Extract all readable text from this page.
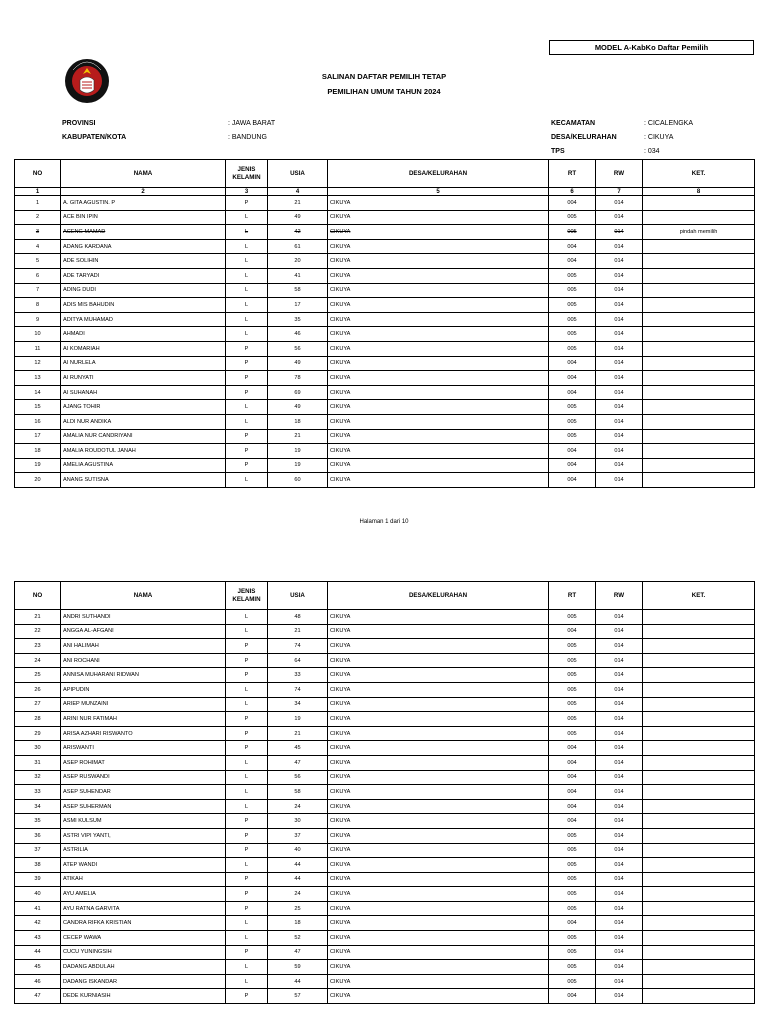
MODEL A-KabKo Daftar Pemilih
SALINAN DAFTAR PEMILIH TETAP
PEMILIHAN UMUM TAHUN 2024
PROVINSI	: JAWA BARAT
KABUPATEN/KOTA	: BANDUNG
KECAMATAN	: CICALENGKA
DESA/KELURAHAN	: CIKUYA
TPS	: 034
NO	NAMA	JENIS KELAMIN	USIA	DESA/KELURAHAN	RT	RW	KET.
1	2	3	4	5	6	7	8
1	A. GITA AGUSTIN. P	P	21	CIKUYA	004	014	
2	ACE BIN IPIN	L	49	CIKUYA	005	014	
3	ACENG MAMAD	L	42	CIKUYA	005	014	pindah memilih
4	ADANG KARDANA	L	61	CIKUYA	004	014	
5	ADE SOLIHIN	L	20	CIKUYA	004	014	
6	ADE TARYADI	L	41	CIKUYA	005	014	
7	ADING DUDI	L	58	CIKUYA	005	014	
8	ADIS MIS BAHUDIN	L	17	CIKUYA	005	014	
9	ADITYA MUHAMAD	L	35	CIKUYA	005	014	
10	AHMADI	L	46	CIKUYA	005	014	
11	AI KOMARIAH	P	56	CIKUYA	005	014	
12	AI NURLELA	P	49	CIKUYA	004	014	
13	AI RUNYATI	P	78	CIKUYA	004	014	
14	AI SUHANAH	P	69	CIKUYA	004	014	
15	AJANG TOHIR	L	49	CIKUYA	005	014	
16	ALDI NUR ANDIKA	L	18	CIKUYA	005	014	
17	AMALIA NUR CANDRIYANI	P	21	CIKUYA	005	014	
18	AMALIA ROUDOTUL JANAH	P	19	CIKUYA	004	014	
19	AMELIA AGUSTINA	P	19	CIKUYA	004	014	
20	ANANG SUTISNA	L	60	CIKUYA	004	014	
Halaman 1 dari 10
NO	NAMA	JENIS KELAMIN	USIA	DESA/KELURAHAN	RT	RW	KET.
21	ANDRI SUTHANDI	L	48	CIKUYA	005	014	
22	ANGGA AL-AFGANI	L	21	CIKUYA	004	014	
23	ANI HALIMAH	P	74	CIKUYA	005	014	
24	ANI ROCHANI	P	64	CIKUYA	005	014	
25	ANNISA MUHARANI RIDWAN	P	33	CIKUYA	005	014	
26	APIPUDIN	L	74	CIKUYA	005	014	
27	ARIEP MUNZAINI	L	34	CIKUYA	005	014	
28	ARINI NUR FATIMAH	P	19	CIKUYA	005	014	
29	ARISA AZHARI RISWANTO	P	21	CIKUYA	005	014	
30	ARISWANTI	P	45	CIKUYA	004	014	
31	ASEP ROHIMAT	L	47	CIKUYA	004	014	
32	ASEP RUSWANDI	L	56	CIKUYA	004	014	
33	ASEP SUHENDAR	L	58	CIKUYA	004	014	
34	ASEP SUHERMAN	L	24	CIKUYA	004	014	
35	ASMI KULSUM	P	30	CIKUYA	004	014	
36	ASTRI VIPI YANTI,	P	37	CIKUYA	005	014	
37	ASTRILIA	P	40	CIKUYA	005	014	
38	ATEP WANDI	L	44	CIKUYA	005	014	
39	ATIKAH	P	44	CIKUYA	005	014	
40	AYU AMELIA	P	24	CIKUYA	005	014	
41	AYU RATNA GARVITA	P	25	CIKUYA	005	014	
42	CANDRA RIFKA KRISTIAN	L	18	CIKUYA	004	014	
43	CECEP WAWA	L	52	CIKUYA	005	014	
44	CUCU YUNINGSIH	P	47	CIKUYA	005	014	
45	DADANG ABDULAH	L	59	CIKUYA	005	014	
46	DADANG ISKANDAR	L	44	CIKUYA	005	014	
47	DEDE KURNIASIH	P	57	CIKUYA	004	014	
